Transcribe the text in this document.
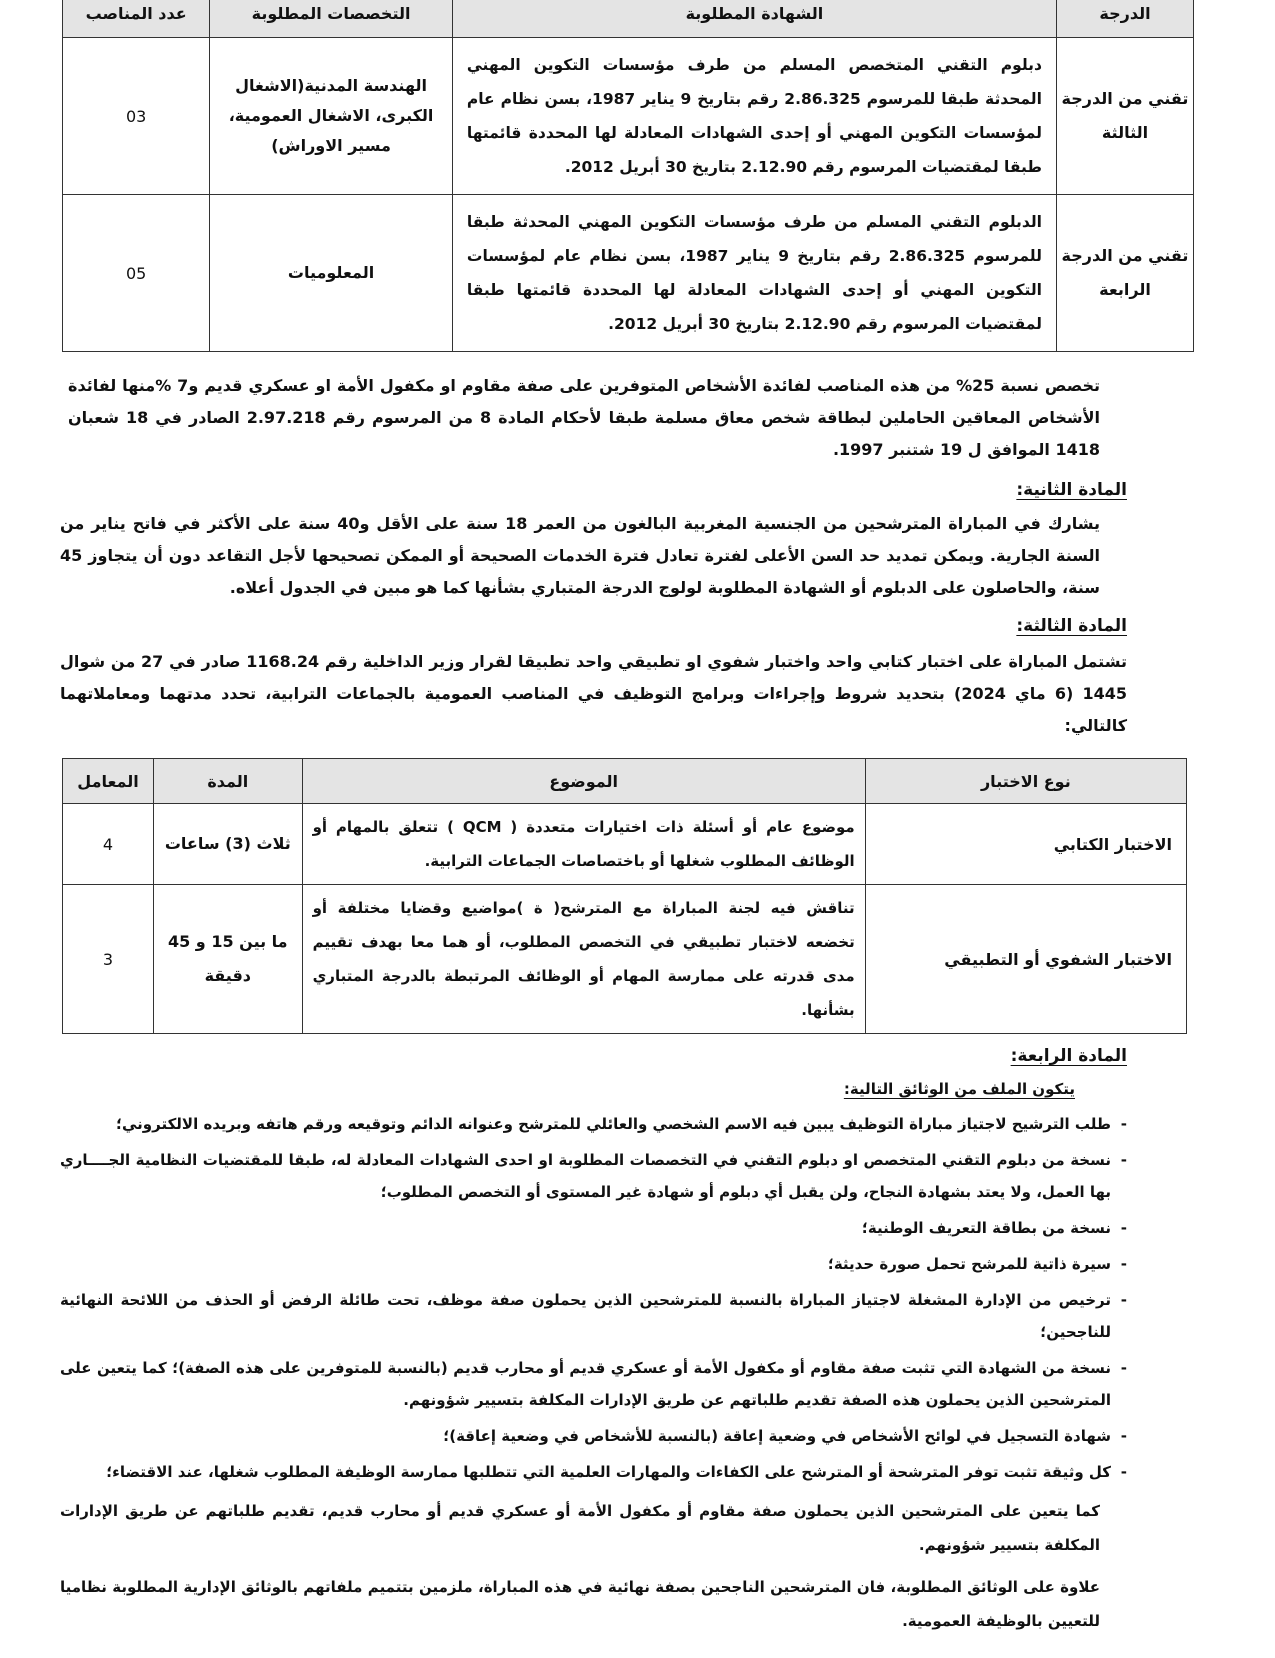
الدرجة	الشهادة المطلوبة	التخصصات المطلوبة	عدد المناصب
تقني من الدرجة الثالثة	دبلوم التقني المتخصص المسلم من طرف مؤسسات التكوين المهني المحدثة طبقا للمرسوم 2.86.325 رقم بتاريخ 9 يناير 1987، بسن نظام عام لمؤسسات التكوين المهني أو إحدى الشهادات المعادلة لها المحددة قائمتها طبقا لمقتضيات المرسوم رقم 2.12.90 بتاريخ 30 أبريل 2012.	الهندسة المدنية(الاشغال الكبرى، الاشغال العمومية، مسير الاوراش)	03
تقني من الدرجة الرابعة	الدبلوم التقني المسلم من طرف مؤسسات التكوين المهني المحدثة طبقا للمرسوم 2.86.325 رقم بتاريخ 9 يناير 1987، بسن نظام عام لمؤسسات التكوين المهني أو إحدى الشهادات المعادلة لها المحددة قائمتها طبقا لمقتضيات المرسوم رقم 2.12.90 بتاريخ 30 أبريل 2012.	المعلوميات	05

تخصص نسبة 25% من هذه المناصب لفائدة الأشخاص المتوفرين على صفة مقاوم او مكفول الأمة او عسكري قديم و7 %منها لفائدة الأشخاص المعاقين الحاملين لبطاقة شخص معاق مسلمة طبقا لأحكام المادة 8 من المرسوم رقم 2.97.218 الصادر في 18 شعبان 1418 الموافق ل 19 شتنبر 1997.

المادة الثانية:

يشارك في المباراة المترشحين من الجنسية المغربية البالغون من العمر 18 سنة على الأقل و40 سنة على الأكثر في فاتح يناير من السنة الجارية. ويمكن تمديد حد السن الأعلى لفترة تعادل فترة الخدمات الصحيحة أو الممكن تصحيحها لأجل التقاعد دون أن يتجاوز 45 سنة، والحاصلون على الدبلوم أو الشهادة المطلوبة لولوج الدرجة المتباري بشأنها كما هو مبين في الجدول أعلاه.

المادة الثالثة:

تشتمل المباراة على اختبار كتابي واحد واختبار شفوي او تطبيقي واحد تطبيقا لقرار وزير الداخلية رقم 1168.24 صادر في 27 من شوال 1445 (6 ماي 2024) بتحديد شروط وإجراءات وبرامج التوظيف في المناصب العمومية بالجماعات الترابية، تحدد مدتهما ومعاملاتهما كالتالي:

نوع الاختبار	الموضوع	المدة	المعامل
الاختبار الكتابي	موضوع عام أو أسئلة ذات اختيارات متعددة ( QCM ) تتعلق بالمهام أو الوظائف المطلوب شغلها أو باختصاصات الجماعات الترابية.	ثلاث (3) ساعات	4
الاختبار الشفوي أو التطبيقي	تناقش فيه لجنة المباراة مع المترشح( ة )مواضيع وقضايا مختلفة أو تخضعه لاختبار تطبيقي في التخصص المطلوب، أو هما معا بهدف تقييم مدى قدرته على ممارسة المهام أو الوظائف المرتبطة بالدرجة المتباري بشأنها.	ما بين 15 و 45 دقيقة	3
المادة الرابعة:
يتكون الملف من الوثائق التالية:
-
طلب الترشيح لاجتياز مباراة التوظيف يبين فيه الاسم الشخصي والعائلي للمترشح وعنوانه الدائم وتوقيعه ورقم هاتفه وبريده الالكتروني؛
-
نسخة من دبلوم التقني المتخصص او دبلوم التقني في التخصصات المطلوبة او احدى الشهادات المعادلة له، طبقا للمقتضيات النظامية الجــــاري بها العمل، ولا يعتد بشهادة النجاح، ولن يقبل أي دبلوم أو شهادة غير المستوى أو التخصص المطلوب؛
-
نسخة من بطاقة التعريف الوطنية؛
-
سيرة ذاتية للمرشح تحمل صورة حديثة؛
-
ترخيص من الإدارة المشغلة لاجتياز المباراة بالنسبة للمترشحين الذين يحملون صفة موظف، تحت طائلة الرفض أو الحذف من اللائحة النهائية للناجحين؛
-
نسخة من الشهادة التي تثبت صفة مقاوم أو مكفول الأمة أو عسكري قديم أو محارب قديم (بالنسبة للمتوفرين على هذه الصفة)؛ كما يتعين على المترشحين الذين يحملون هذه الصفة تقديم طلباتهم عن طريق الإدارات المكلفة بتسيير شؤونهم.
-
شهادة التسجيل في لوائح الأشخاص في وضعية إعاقة (بالنسبة للأشخاص في وضعية إعاقة)؛
-
كل وثيقة تثبت توفر المترشحة أو المترشح على الكفاءات والمهارات العلمية التي تتطلبها ممارسة الوظيفة المطلوب شغلها، عند الاقتضاء؛

كما يتعين على المترشحين الذين يحملون صفة مقاوم أو مكفول الأمة أو عسكري قديم أو محارب قديم، تقديم طلباتهم عن طريق الإدارات المكلفة بتسيير شؤونهم.

علاوة على الوثائق المطلوبة، فان المترشحين الناجحين بصفة نهائية في هذه المباراة، ملزمين بتتميم ملفاتهم بالوثائق الإدارية المطلوبة نظاميا للتعيين بالوظيفة العمومية.
